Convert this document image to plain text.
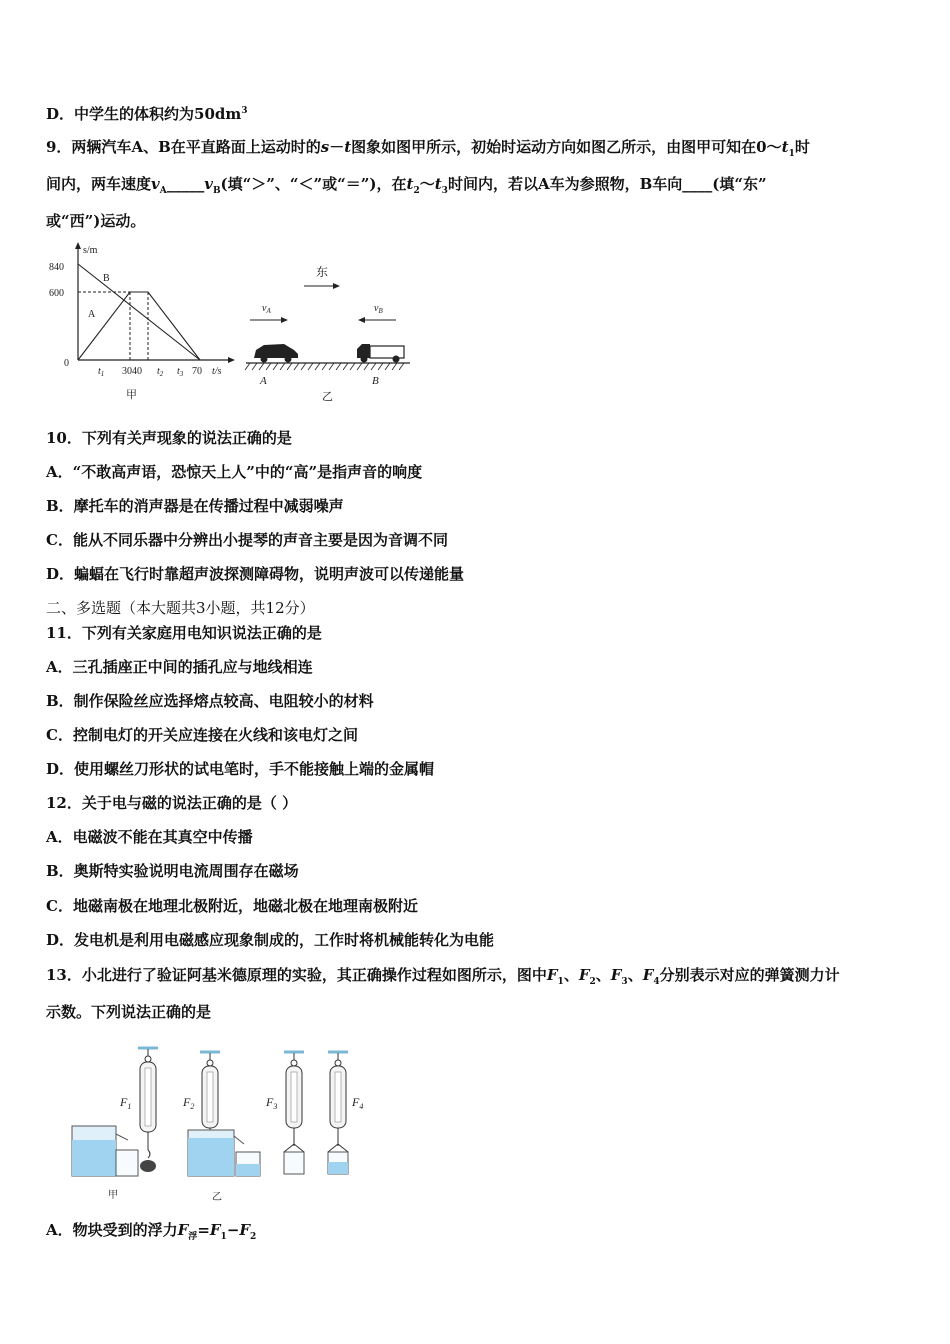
D．中学生的体积约为$50dm^3$
9．两辆汽车A、B在平直路面上运动时的s－t图象如图甲所示，初始时运动方向如图乙所示，由图甲可知在$0\sim t_1$时
间内，两车速度$v_A\_\_\_\_\_v_B$(填“＞”、“＜”或“＝”)，在$t_2\sim t_3$时间内，若以A车为参照物，B车向____(填“东”
或“西”)运动。
s/m
840
600
0
B
A
$t_1$ 3040 $t_2$ $t_3$ 70 t/s
甲
东
$v_A$	$v_B$
A	B
乙
10．下列有关声现象的说法正确的是
A．“不敢高声语，恐惊天上人”中的“高”是指声音的响度
B．摩托车的消声器是在传播过程中减弱噪声
C．能从不同乐器中分辨出小提琴的声音主要是因为音调不同
D．蝙蝠在飞行时靠超声波探测障碍物，说明声波可以传递能量
二、多选题（本大题共3小题，共12分）
11．下列有关家庭用电知识说法正确的是
A．三孔插座正中间的插孔应与地线相连
B．制作保险丝应选择熔点较高、电阻较小的材料
C．控制电灯的开关应连接在火线和该电灯之间
D．使用螺丝刀形状的试电笔时，手不能接触上端的金属帽
12．关于电与磁的说法正确的是（ ）
A．电磁波不能在其真空中传播
B．奥斯特实验说明电流周围存在磁场
C．地磁南极在地理北极附近，地磁北极在地理南极附近
D．发电机是利用电磁感应现象制成的，工作时将机械能转化为电能
13．小北进行了验证阿基米德原理的实验，其正确操作过程如图所示，图中$F_1$、$F_2$、$F_3$、$F_4$分别表示对应的弹簧测力计
示数。下列说法正确的是
$F_1$
甲
$F_2$
乙
$F_3$	$F_4$
A．物块受到的浮力$F_浮=F_1-F_2$
